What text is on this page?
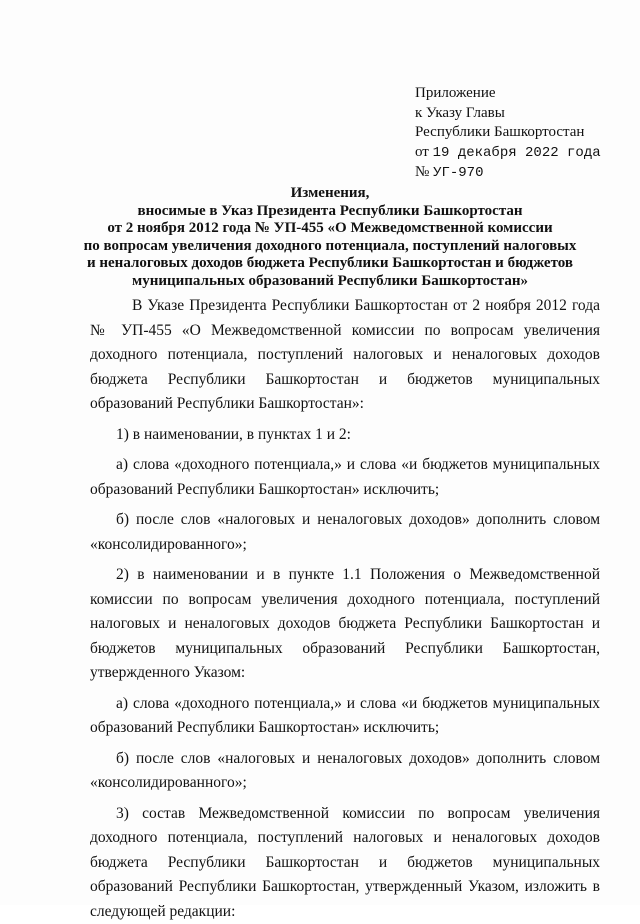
Приложение
к Указу Главы
Республики Башкортостан
от 19 декабря 2022 года
№ УГ-970
Изменения,
вносимые в Указ Президента Республики Башкортостан
от 2 ноября 2012 года № УП-455 «О Межведомственной комиссии
по вопросам увеличения доходного потенциала, поступлений налоговых
и неналоговых доходов бюджета Республики Башкортостан и бюджетов
муниципальных образований Республики Башкортостан»

В Указе Президента Республики Башкортостан от 2 ноября 2012 года № УП-455 «О Межведомственной комиссии по вопросам увеличения доходного потенциала, поступлений налоговых и неналоговых доходов бюджета Республики Башкортостан и бюджетов муниципальных образований Республики Башкортостан»:

1) в наименовании, в пунктах 1 и 2:

а) слова «доходного потенциала,» и слова «и бюджетов муниципальных образований Республики Башкортостан» исключить;

б) после слов «налоговых и неналоговых доходов» дополнить словом «консолидированного»;

2) в наименовании и в пункте 1.1 Положения о Межведомственной комиссии по вопросам увеличения доходного потенциала, поступлений налоговых и неналоговых доходов бюджета Республики Башкортостан и бюджетов муниципальных образований Республики Башкортостан, утвержденного Указом:

а) слова «доходного потенциала,» и слова «и бюджетов муниципальных образований Республики Башкортостан» исключить;

б) после слов «налоговых и неналоговых доходов» дополнить словом «консолидированного»;

3) состав Межведомственной комиссии по вопросам увеличения доходного потенциала, поступлений налоговых и неналоговых доходов бюджета Республики Башкортостан и бюджетов муниципальных образований Республики Башкортостан, утвержденный Указом, изложить в следующей редакции:
